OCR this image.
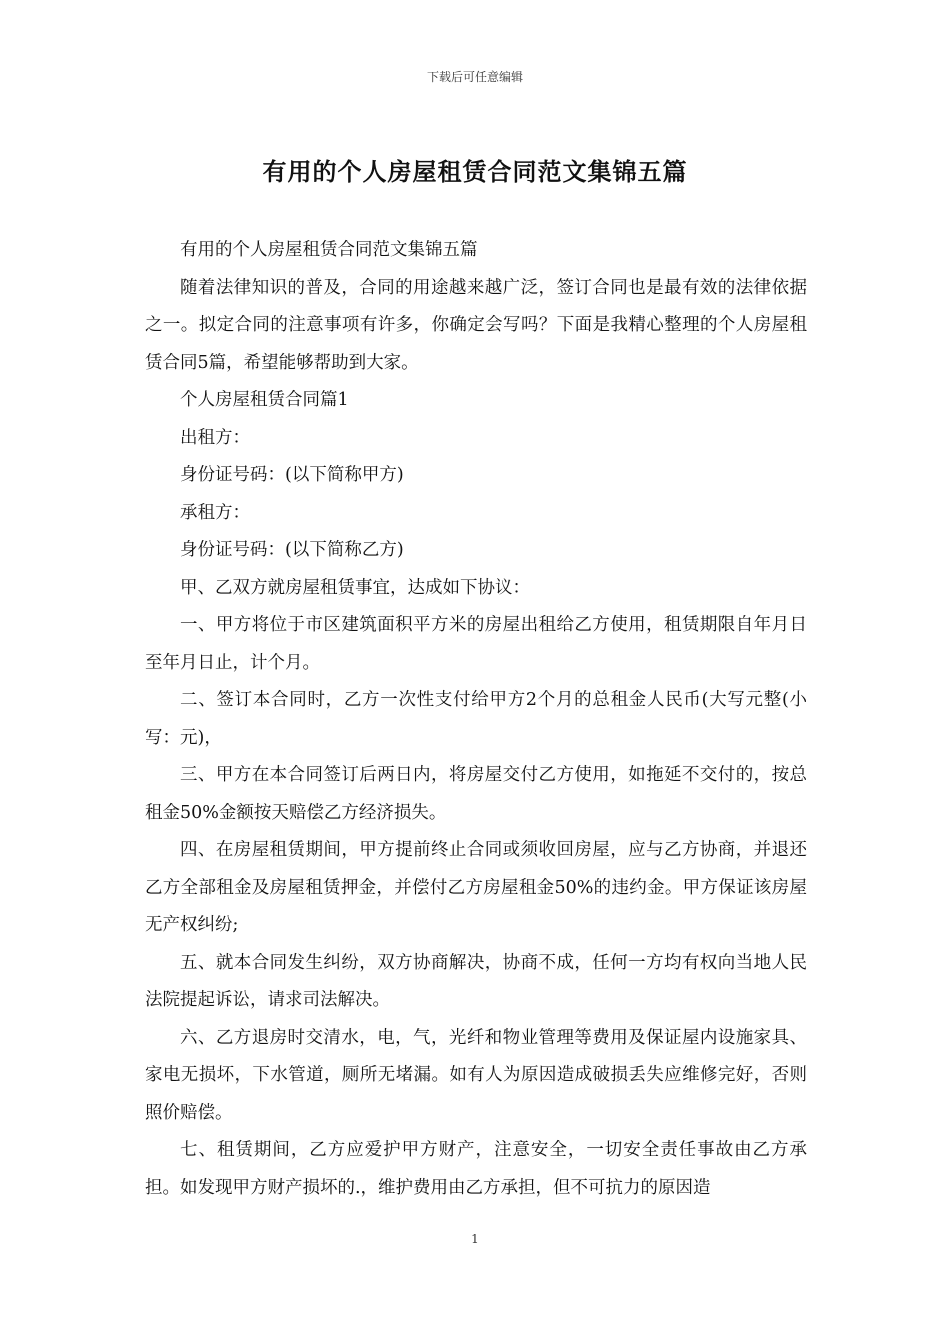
下载后可任意编辑
有用的个人房屋租赁合同范文集锦五篇

有用的个人房屋租赁合同范文集锦五篇

随着法律知识的普及，合同的用途越来越广泛，签订合同也是最有效的法律依据之一。拟定合同的注意事项有许多，你确定会写吗？下面是我精心整理的个人房屋租赁合同5篇，希望能够帮助到大家。

个人房屋租赁合同篇1

出租方：

身份证号码：(以下简称甲方)

承租方：

身份证号码：(以下简称乙方)

甲、乙双方就房屋租赁事宜，达成如下协议：

一、甲方将位于市区建筑面积平方米的房屋出租给乙方使用，租赁期限自年月日至年月日止，计个月。

二、签订本合同时，乙方一次性支付给甲方2个月的总租金人民币(大写元整(小写：元)，

三、甲方在本合同签订后两日内，将房屋交付乙方使用，如拖延不交付的，按总租金50%金额按天赔偿乙方经济损失。

四、在房屋租赁期间，甲方提前终止合同或须收回房屋，应与乙方协商，并退还乙方全部租金及房屋租赁押金，并偿付乙方房屋租金50%的违约金。甲方保证该房屋无产权纠纷;

五、就本合同发生纠纷，双方协商解决，协商不成，任何一方均有权向当地人民法院提起诉讼，请求司法解决。

六、乙方退房时交清水，电，气，光纤和物业管理等费用及保证屋内设施家具、家电无损坏，下水管道，厕所无堵漏。如有人为原因造成破损丢失应维修完好，否则照价赔偿。

七、租赁期间，乙方应爱护甲方财产，注意安全，一切安全责任事故由乙方承担。如发现甲方财产损坏的.，维护费用由乙方承担，但不可抗力的原因造

1
